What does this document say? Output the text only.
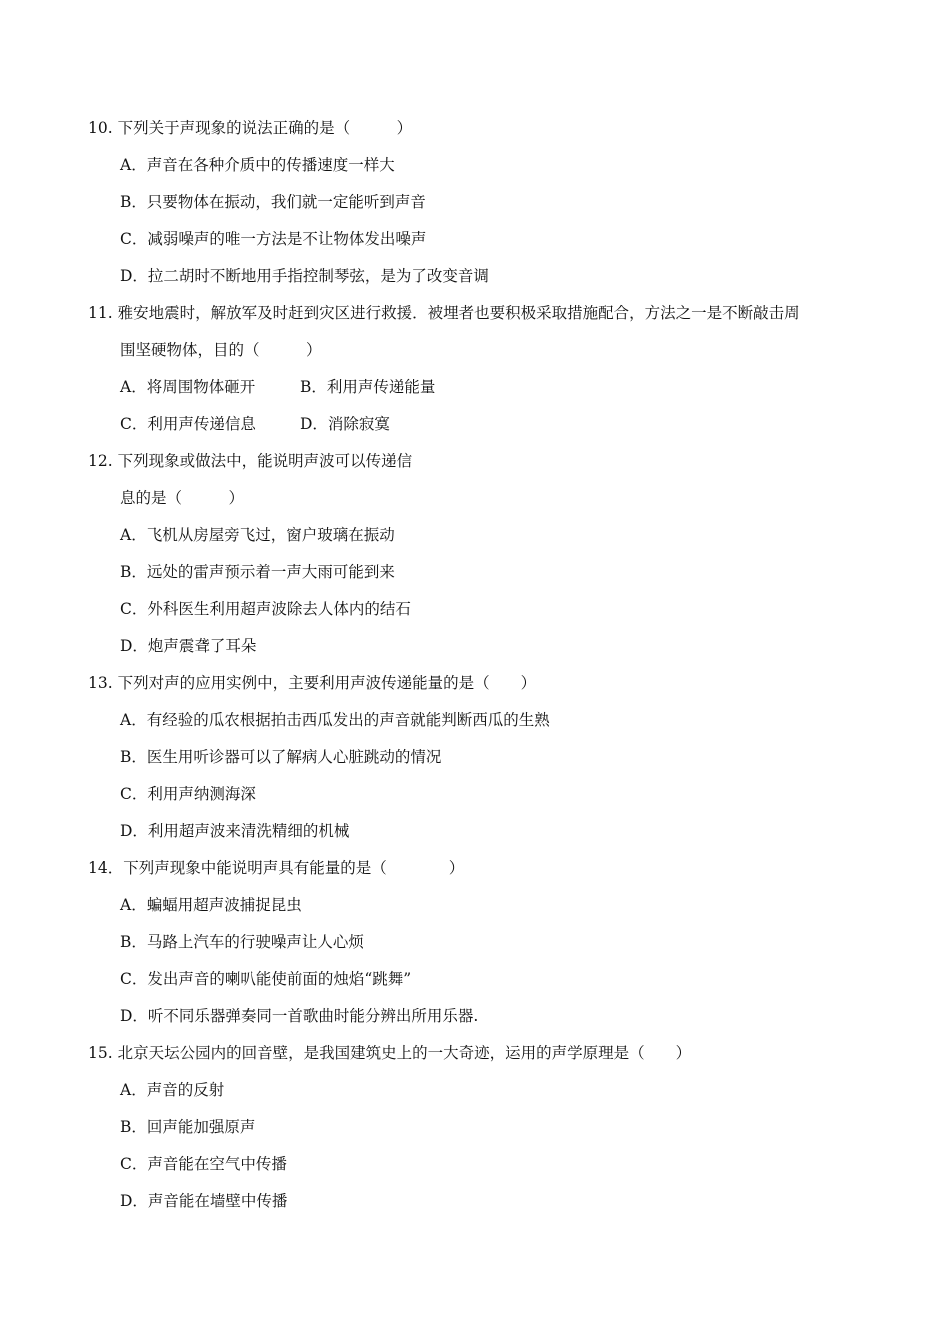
10. 下列关于声现象的说法正确的是（　　　）
A．声音在各种介质中的传播速度一样大
B．只要物体在振动，我们就一定能听到声音
C．减弱噪声的唯一方法是不让物体发出噪声
D．拉二胡时不断地用手指控制琴弦，是为了改变音调
11. 雅安地震时，解放军及时赶到灾区进行救援．被埋者也要积极采取措施配合，方法之一是不断敲击周
围坚硬物体，目的（　　　）
A．将周围物体砸开	B．利用声传递能量
C．利用声传递信息	D．消除寂寞
12. 下列现象或做法中，能说明声波可以传递信
息的是（　　　）
A．飞机从房屋旁飞过，窗户玻璃在振动
B．远处的雷声预示着一声大雨可能到来
C．外科医生利用超声波除去人体内的结石
D．炮声震聋了耳朵
13. 下列对声的应用实例中，主要利用声波传递能量的是（　　）
A．有经验的瓜农根据拍击西瓜发出的声音就能判断西瓜的生熟
B．医生用听诊器可以了解病人心脏跳动的情况
C．利用声纳测海深
D．利用超声波来清洗精细的机械
14．下列声现象中能说明声具有能量的是（　　　　）
A．蝙蝠用超声波捕捉昆虫
B．马路上汽车的行驶噪声让人心烦
C．发出声音的喇叭能使前面的烛焰“跳舞”
D．听不同乐器弹奏同一首歌曲时能分辨出所用乐器.
15. 北京天坛公园内的回音壁，是我国建筑史上的一大奇迹，运用的声学原理是（　　）
A．声音的反射
B．回声能加强原声
C．声音能在空气中传播
D．声音能在墙壁中传播
